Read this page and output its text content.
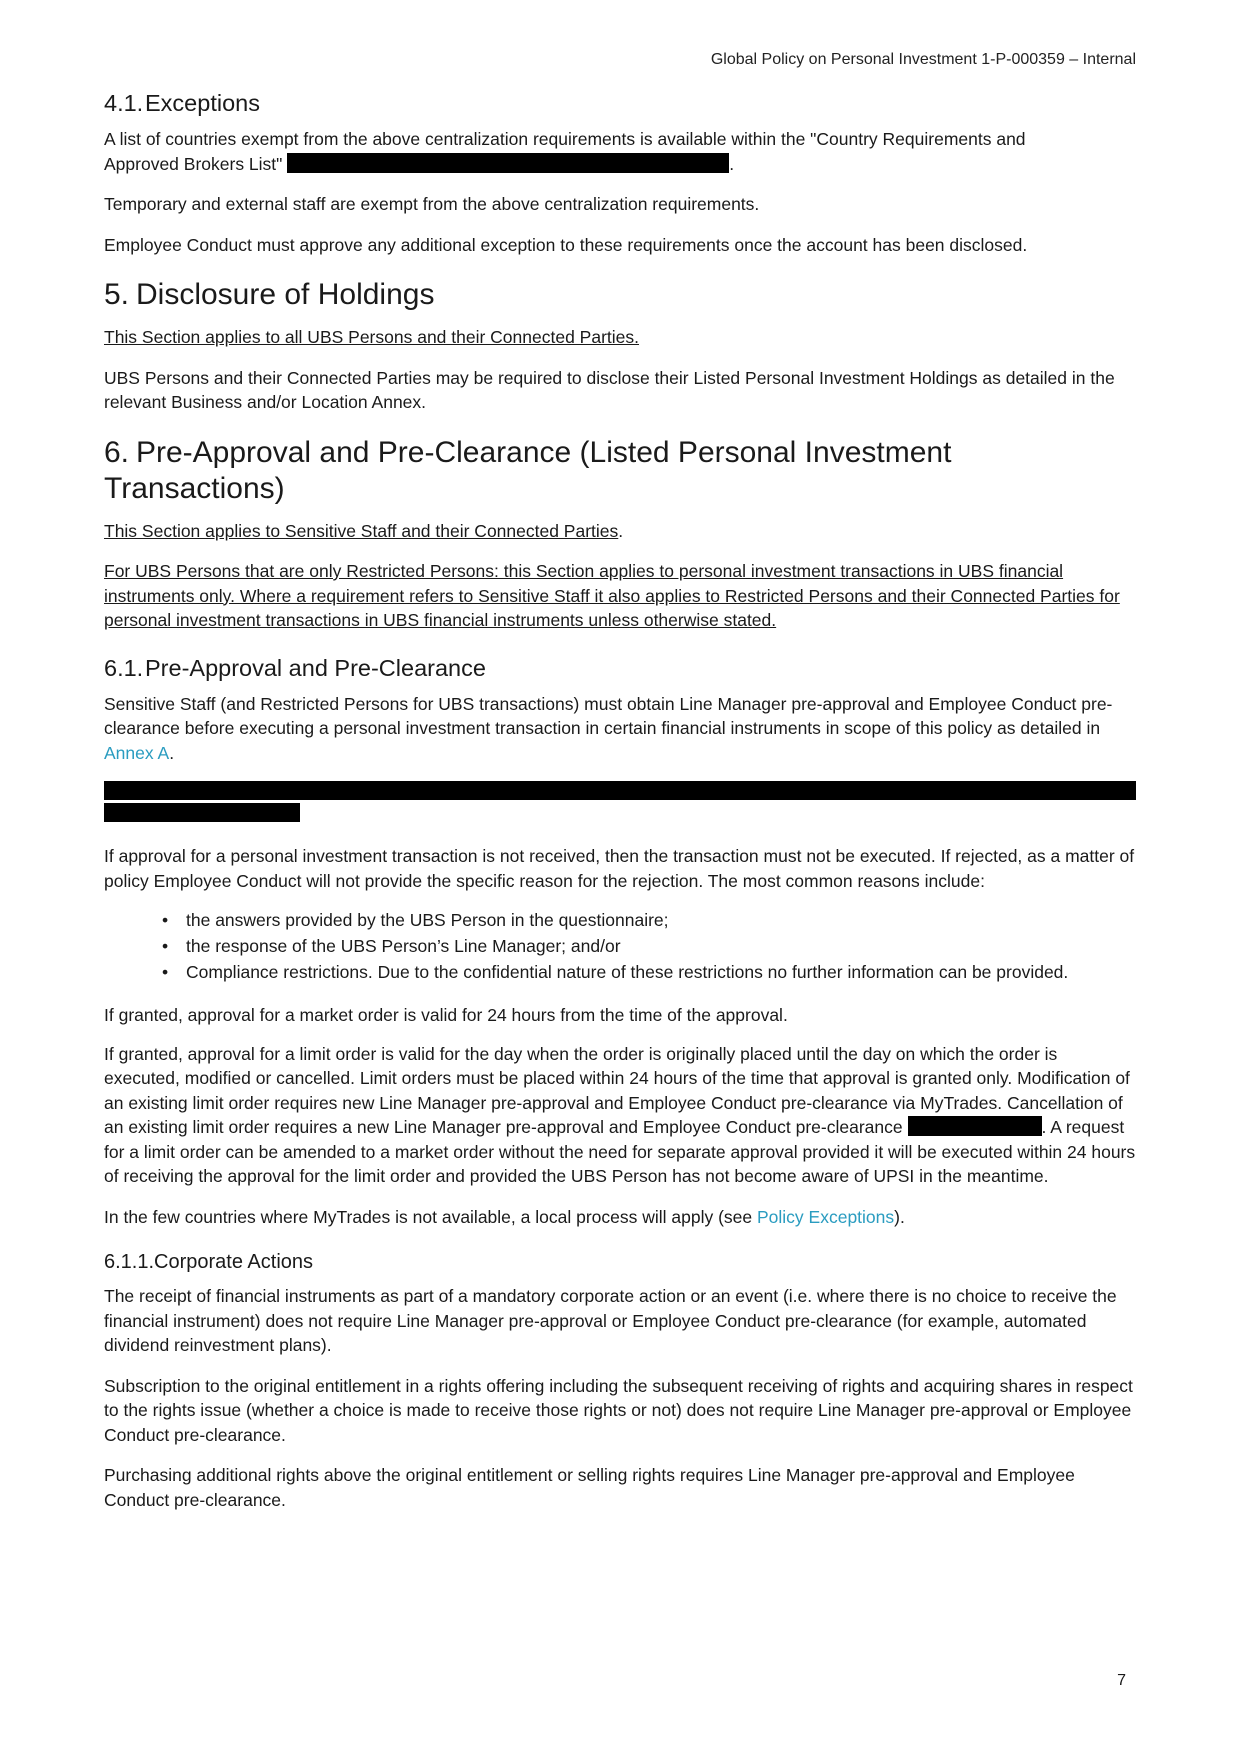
Global Policy on Personal Investment 1-P-000359 – Internal
4.1.Exceptions

A list of countries exempt from the above centralization requirements is available within the "Country Requirements and
Approved Brokers List"	.

Temporary and external staff are exempt from the above centralization requirements.

Employee Conduct must approve any additional exception to these requirements once the account has been disclosed.

5. Disclosure of Holdings

This Section applies to all UBS Persons and their Connected Parties.

UBS Persons and their Connected Parties may be required to disclose their Listed Personal Investment Holdings as detailed in the relevant Business and/or Location Annex.

6. Pre-Approval and Pre-Clearance (Listed Personal Investment Transactions)

This Section applies to Sensitive Staff and their Connected Parties.

For UBS Persons that are only Restricted Persons: this Section applies to personal investment transactions in UBS financial instruments only. Where a requirement refers to Sensitive Staff it also applies to Restricted Persons and their Connected Parties for personal investment transactions in UBS financial instruments unless otherwise stated.

6.1.Pre-Approval and Pre-Clearance

Sensitive Staff (and Restricted Persons for UBS transactions) must obtain Line Manager pre-approval and Employee Conduct pre-clearance before executing a personal investment transaction in certain financial instruments in scope of this policy as detailed in Annex A.

If approval for a personal investment transaction is not received, then the transaction must not be executed. If rejected, as a matter of policy Employee Conduct will not provide the specific reason for the rejection. The most common reasons include:

• the answers provided by the UBS Person in the questionnaire;
• the response of the UBS Person’s Line Manager; and/or
• Compliance restrictions. Due to the confidential nature of these restrictions no further information can be provided.

If granted, approval for a market order is valid for 24 hours from the time of the approval.

If granted, approval for a limit order is valid for the day when the order is originally placed until the day on which the order is executed, modified or cancelled. Limit orders must be placed within 24 hours of the time that approval is granted only. Modification of an existing limit order requires new Line Manager pre-approval and Employee Conduct pre-clearance via MyTrades. Cancellation of an existing limit order requires a new Line Manager pre-approval and Employee Conduct pre-clearance	. A request for a limit order can be amended to a market order without the need for separate approval provided it will be executed within 24 hours of receiving the approval for the limit order and provided the UBS Person has not become aware of UPSI in the meantime.

In the few countries where MyTrades is not available, a local process will apply (see Policy Exceptions).

6.1.1.Corporate Actions

The receipt of financial instruments as part of a mandatory corporate action or an event (i.e. where there is no choice to receive the financial instrument) does not require Line Manager pre-approval or Employee Conduct pre-clearance (for example, automated dividend reinvestment plans).

Subscription to the original entitlement in a rights offering including the subsequent receiving of rights and acquiring shares in respect to the rights issue (whether a choice is made to receive those rights or not) does not require Line Manager pre-approval or Employee Conduct pre-clearance.

Purchasing additional rights above the original entitlement or selling rights requires Line Manager pre-approval and Employee Conduct pre-clearance.

7
